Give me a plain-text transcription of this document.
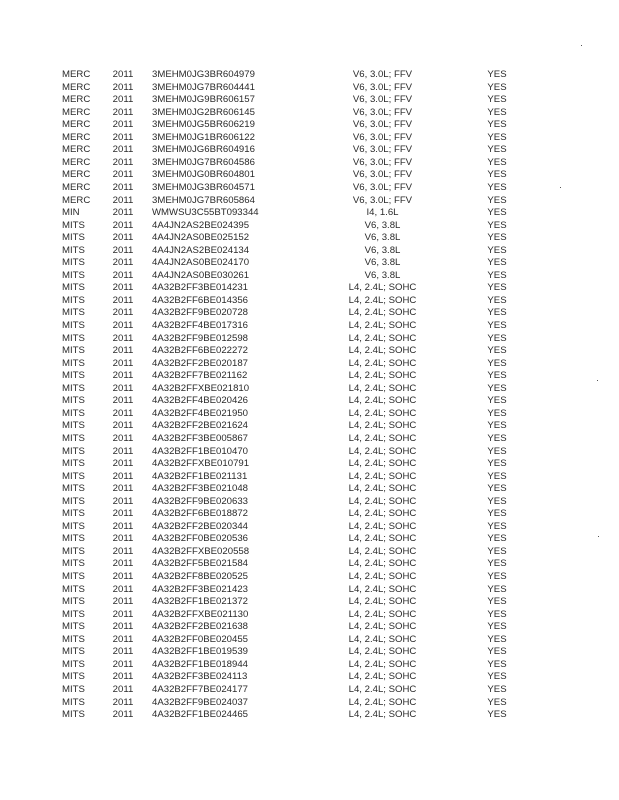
MERC	2011	3MEHM0JG3BR604979	V6, 3.0L; FFV	YES
MERC	2011	3MEHM0JG7BR604441	V6, 3.0L; FFV	YES
MERC	2011	3MEHM0JG9BR606157	V6, 3.0L; FFV	YES
MERC	2011	3MEHM0JG2BR606145	V6, 3.0L; FFV	YES
MERC	2011	3MEHM0JG5BR606219	V6, 3.0L; FFV	YES
MERC	2011	3MEHM0JG1BR606122	V6, 3.0L; FFV	YES
MERC	2011	3MEHM0JG6BR604916	V6, 3.0L; FFV	YES
MERC	2011	3MEHM0JG7BR604586	V6, 3.0L; FFV	YES
MERC	2011	3MEHM0JG0BR604801	V6, 3.0L; FFV	YES
MERC	2011	3MEHM0JG3BR604571	V6, 3.0L; FFV	YES
MERC	2011	3MEHM0JG7BR605864	V6, 3.0L; FFV	YES
MIN	2011	WMWSU3C55BT093344	I4, 1.6L	YES
MITS	2011	4A4JN2AS2BE024395	V6, 3.8L	YES
MITS	2011	4A4JN2AS0BE025152	V6, 3.8L	YES
MITS	2011	4A4JN2AS2BE024134	V6, 3.8L	YES
MITS	2011	4A4JN2AS0BE024170	V6, 3.8L	YES
MITS	2011	4A4JN2AS0BE030261	V6, 3.8L	YES
MITS	2011	4A32B2FF3BE014231	L4, 2.4L; SOHC	YES
MITS	2011	4A32B2FF6BE014356	L4, 2.4L; SOHC	YES
MITS	2011	4A32B2FF9BE020728	L4, 2.4L; SOHC	YES
MITS	2011	4A32B2FF4BE017316	L4, 2.4L; SOHC	YES
MITS	2011	4A32B2FF9BE012598	L4, 2.4L; SOHC	YES
MITS	2011	4A32B2FF6BE022272	L4, 2.4L; SOHC	YES
MITS	2011	4A32B2FF2BE020187	L4, 2.4L; SOHC	YES
MITS	2011	4A32B2FF7BE021162	L4, 2.4L; SOHC	YES
MITS	2011	4A32B2FFXBE021810	L4, 2.4L; SOHC	YES
MITS	2011	4A32B2FF4BE020426	L4, 2.4L; SOHC	YES
MITS	2011	4A32B2FF4BE021950	L4, 2.4L; SOHC	YES
MITS	2011	4A32B2FF2BE021624	L4, 2.4L; SOHC	YES
MITS	2011	4A32B2FF3BE005867	L4, 2.4L; SOHC	YES
MITS	2011	4A32B2FF1BE010470	L4, 2.4L; SOHC	YES
MITS	2011	4A32B2FFXBE010791	L4, 2.4L; SOHC	YES
MITS	2011	4A32B2FF1BE021131	L4, 2.4L; SOHC	YES
MITS	2011	4A32B2FF3BE021048	L4, 2.4L; SOHC	YES
MITS	2011	4A32B2FF9BE020633	L4, 2.4L; SOHC	YES
MITS	2011	4A32B2FF6BE018872	L4, 2.4L; SOHC	YES
MITS	2011	4A32B2FF2BE020344	L4, 2.4L; SOHC	YES
MITS	2011	4A32B2FF0BE020536	L4, 2.4L; SOHC	YES
MITS	2011	4A32B2FFXBE020558	L4, 2.4L; SOHC	YES
MITS	2011	4A32B2FF5BE021584	L4, 2.4L; SOHC	YES
MITS	2011	4A32B2FF8BE020525	L4, 2.4L; SOHC	YES
MITS	2011	4A32B2FF3BE021423	L4, 2.4L; SOHC	YES
MITS	2011	4A32B2FF1BE021372	L4, 2.4L; SOHC	YES
MITS	2011	4A32B2FFXBE021130	L4, 2.4L; SOHC	YES
MITS	2011	4A32B2FF2BE021638	L4, 2.4L; SOHC	YES
MITS	2011	4A32B2FF0BE020455	L4, 2.4L; SOHC	YES
MITS	2011	4A32B2FF1BE019539	L4, 2.4L; SOHC	YES
MITS	2011	4A32B2FF1BE018944	L4, 2.4L; SOHC	YES
MITS	2011	4A32B2FF3BE024113	L4, 2.4L; SOHC	YES
MITS	2011	4A32B2FF7BE024177	L4, 2.4L; SOHC	YES
MITS	2011	4A32B2FF9BE024037	L4, 2.4L; SOHC	YES
MITS	2011	4A32B2FF1BE024465	L4, 2.4L; SOHC	YES
